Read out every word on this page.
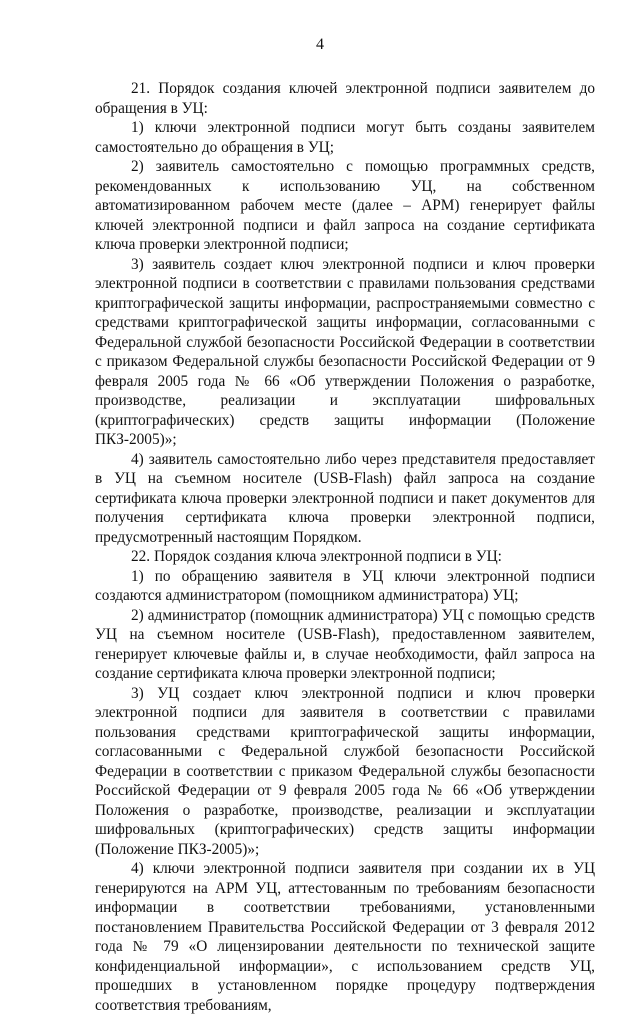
4

21. Порядок создания ключей электронной подписи заявителем до обращения в УЦ:

1) ключи электронной подписи могут быть созданы заявителем самостоятельно до обращения в УЦ;

2) заявитель самостоятельно с помощью программных средств, рекомендованных к использованию УЦ, на собственном автоматизированном рабочем месте (далее – АРМ) генерирует файлы ключей электронной подписи и файл запроса на создание сертификата ключа проверки электронной подписи;

3) заявитель создает ключ электронной подписи и ключ проверки электронной подписи в соответствии с правилами пользования средствами криптографической защиты информации, распространяемыми совместно с средствами криптографической защиты информации, согласованными с Федеральной службой безопасности Российской Федерации в соответствии с приказом Федеральной службы безопасности Российской Федерации от 9 февраля 2005 года № 66 «Об утверждении Положения о разработке, производстве, реализации и эксплуатации шифровальных (криптографических) средств защиты информации (Положение ПКЗ-2005)»;

4) заявитель самостоятельно либо через представителя предоставляет в УЦ на съемном носителе (USB-Flash) файл запроса на создание сертификата ключа проверки электронной подписи и пакет документов для получения сертификата ключа проверки электронной подписи, предусмотренный настоящим Порядком.

22. Порядок создания ключа электронной подписи в УЦ:

1) по обращению заявителя в УЦ ключи электронной подписи создаются администратором (помощником администратора) УЦ;

2) администратор (помощник администратора) УЦ с помощью средств УЦ на съемном носителе (USB-Flash), предоставленном заявителем, генерирует ключевые файлы и, в случае необходимости, файл запроса на создание сертификата ключа проверки электронной подписи;

3) УЦ создает ключ электронной подписи и ключ проверки электронной подписи для заявителя в соответствии с правилами пользования средствами криптографической защиты информации, согласованными с Федеральной службой безопасности Российской Федерации в соответствии с приказом Федеральной службы безопасности Российской Федерации от 9 февраля 2005 года № 66 «Об утверждении Положения о разработке, производстве, реализации и эксплуатации шифровальных (криптографических) средств защиты информации (Положение ПКЗ-2005)»;

4) ключи электронной подписи заявителя при создании их в УЦ генерируются на АРМ УЦ, аттестованным по требованиям безопасности информации в соответствии требованиями, установленными постановлением Правительства Российской Федерации от 3 февраля 2012 года № 79 «О лицензировании деятельности по технической защите конфиденциальной информации», с использованием средств УЦ, прошедших в установленном порядке процедуру подтверждения соответствия требованиям,
